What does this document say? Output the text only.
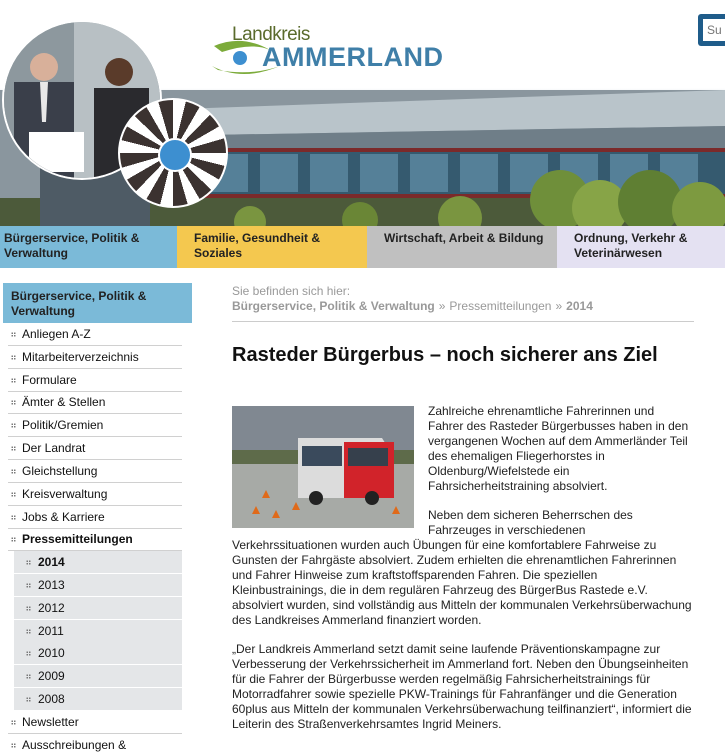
Landkreis
AMMERLAND
Su
Bürgerservice, Politik & Verwaltung
Familie, Gesundheit & Soziales
Wirtschaft, Arbeit & Bildung	Ordnung, Verkehr & Veterinärwesen
Bürgerservice, Politik & Verwaltung
Anliegen A-Z
Mitarbeiterverzeichnis
Formulare
Ämter & Stellen
Politik/Gremien
Der Landrat
Gleichstellung
Kreisverwaltung
Jobs & Karriere
Pressemitteilungen
2014
2013
2012
2011
2010
2009
2008
Newsletter
Ausschreibungen &
Sie befinden sich hier:
Bürgerservice, Politik & Verwaltung » Pressemitteilungen » 2014
Rasteder Bürgerbus – noch sicherer ans Ziel

Zahlreiche ehrenamtliche Fahrerinnen und Fahrer des Rasteder Bürgerbusses haben in den vergangenen Wochen auf dem Ammerländer Teil des ehemaligen Fliegerhorstes in Oldenburg/Wiefelstede ein Fahrsicherheitstraining absolviert.

Neben dem sicheren Beherrschen des Fahrzeuges in verschiedenen
Verkehrssituationen wurden auch Übungen für eine komfortablere Fahrweise zu Gunsten der Fahrgäste absolviert. Zudem erhielten die ehrenamtlichen Fahrerinnen und Fahrer Hinweise zum kraftstoffsparenden Fahren. Die speziellen Kleinbustrainings, die in dem regulären Fahrzeug des BürgerBus Rastede e.V. absolviert wurden, sind vollständig aus Mitteln der kommunalen Verkehrsüberwachung des Landkreises Ammerland finanziert worden.

„Der Landkreis Ammerland setzt damit seine laufende Präventionskampagne zur Verbesserung der Verkehrssicherheit im Ammerland fort. Neben den Übungseinheiten für die Fahrer der Bürgerbusse werden regelmäßig Fahrsicherheitstrainings für Motorradfahrer sowie spezielle PKW-Trainings für Fahranfänger und die Generation 60plus aus Mitteln der kommunalen Verkehrsüberwachung teilfinanziert“, informiert die Leiterin des Straßenverkehrsamtes Ingrid Meiners.
